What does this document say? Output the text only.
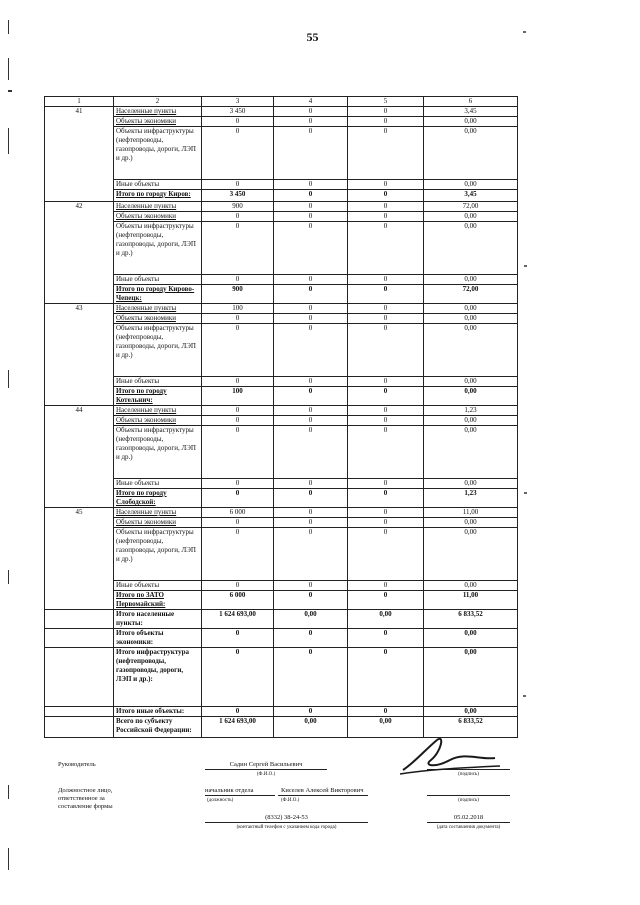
55
1	2	3	4	5	6
41	Населенные пункты	3 450	0	0	3,45
	Объекты экономики	0	0	0	0,00
	Объекты инфраструктуры (нефтепроводы, газопроводы, дороги, ЛЭП и др.)	0	0	0	0,00
	Иные объекты	0	0	0	0,00
	Итого по городу Киров:	3 450	0	0	3,45
42	Населенные пункты	900	0	0	72,00
	Объекты экономики	0	0	0	0,00
	Объекты инфраструктуры (нефтепроводы, газопроводы, дороги, ЛЭП и др.)	0	0	0	0,00
	Иные объекты	0	0	0	0,00
	Итого по городу Кирово-Чепецк:	900	0	0	72,00
43	Населенные пункты	100	0	0	0,00
	Объекты экономики	0	0	0	0,00
	Объекты инфраструктуры (нефтепроводы, газопроводы, дороги, ЛЭП и др.)	0	0	0	0,00
	Иные объекты	0	0	0	0,00
	Итого по городу Котельнич:	100	0	0	0,00
44	Населенные пункты	0	0	0	1,23
	Объекты экономики	0	0	0	0,00
	Объекты инфраструктуры (нефтепроводы, газопроводы, дороги, ЛЭП и др.)	0	0	0	0,00
	Иные объекты	0	0	0	0,00
	Итого по городу Слободской:	0	0	0	1,23
45	Населенные пункты	6 000	0	0	11,00
	Объекты экономики	0	0	0	0,00
	Объекты инфраструктуры (нефтепроводы, газопроводы, дороги, ЛЭП и др.)	0	0	0	0,00
	Иные объекты	0	0	0	0,00
	Итого по ЗАТО Первомайский:	6 000	0	0	11,00
	Итого населенные пункты:	1 624 693,00	0,00	0,00	6 833,52
	Итого объекты экономики:	0	0	0	0,00
	Итого инфраструктура (нефтепроводы, газопроводы, дороги, ЛЭП и др.):	0	0	0	0,00
	Итого иные объекты:	0	0	0	0,00
	Всего по субъекту Российской Федерации:	1 624 693,00	0,00	0,00	6 833,52
Руководитель	Садин Сергей Васильевич
(Ф.И.О.)	(подпись)
Должностное лицо, ответственное за составление формы
начальник отдела
(должность)
Киселев Алексей Викторович
(Ф.И.О.)	(подпись)
(8332) 38-24-53
(контактный телефон с указанием кода города)
05.02.2018
(дата составления документа)
